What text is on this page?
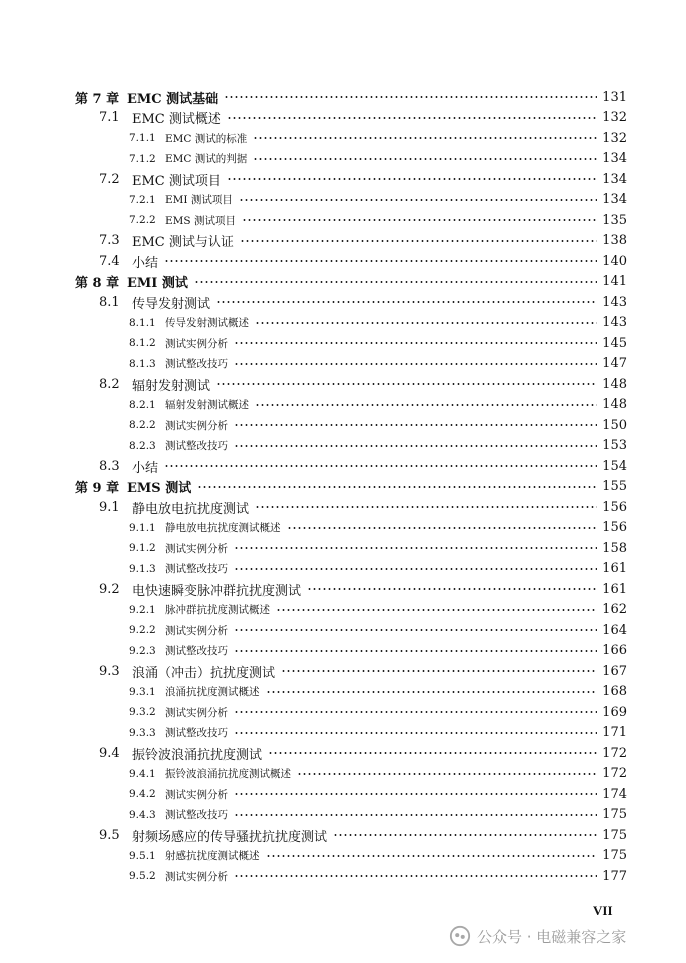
第 7 章 EMC 测试基础	131
7.1 EMC 测试概述	132
7.1.1 EMC 测试的标准	132
7.1.2 EMC 测试的判据	134
7.2 EMC 测试项目	134
7.2.1 EMI 测试项目	134
7.2.2 EMS 测试项目	135
7.3 EMC 测试与认证	138
7.4 小结	140
第 8 章 EMI 测试	141
8.1 传导发射测试	143
8.1.1 传导发射测试概述	143
8.1.2 测试实例分析	145
8.1.3 测试整改技巧	147
8.2 辐射发射测试	148
8.2.1 辐射发射测试概述	148
8.2.2 测试实例分析	150
8.2.3 测试整改技巧	153
8.3 小结	154
第 9 章 EMS 测试	155
9.1 静电放电抗扰度测试	156
9.1.1 静电放电抗扰度测试概述	156
9.1.2 测试实例分析	158
9.1.3 测试整改技巧	161
9.2 电快速瞬变脉冲群抗扰度测试	161
9.2.1 脉冲群抗扰度测试概述	162
9.2.2 测试实例分析	164
9.2.3 测试整改技巧	166
9.3 浪涌（冲击）抗扰度测试	167
9.3.1 浪涌抗扰度测试概述	168
9.3.2 测试实例分析	169
9.3.3 测试整改技巧	171
9.4 振铃波浪涌抗扰度测试	172
9.4.1 振铃波浪涌抗扰度测试概述	172
9.4.2 测试实例分析	174
9.4.3 测试整改技巧	175
9.5 射频场感应的传导骚扰抗扰度测试	175
9.5.1 射感抗扰度测试概述	175
9.5.2 测试实例分析	177
VII
公众号 · 电磁兼容之家
